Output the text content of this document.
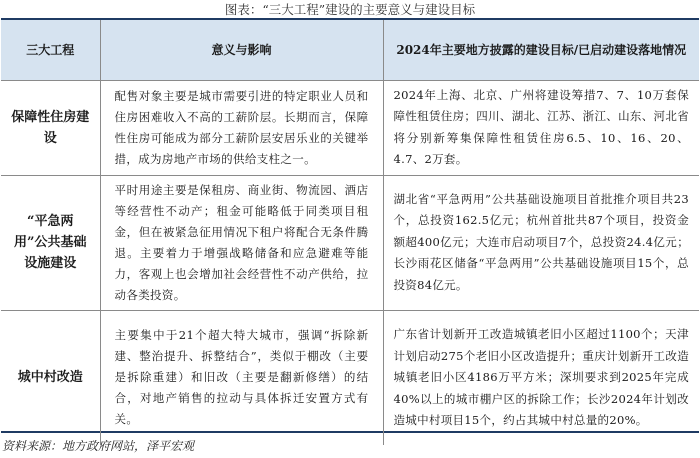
图表：“三大工程”建设的主要意义与建设目标
三大工程	意义与影响	2024年主要地方披露的建设目标/已启动建设落地情况
保障性住房建设	配售对象主要是城市需要引进的特定职业人员和住房困难收入不高的工薪阶层。长期而言，保障性住房可能成为部分工薪阶层安居乐业的关键举措，成为房地产市场的供给支柱之一。	2024年上海、北京、广州将建设筹措7、7、10万套保障性租赁住房；四川、湖北、江苏、浙江、山东、河北省将分别新筹集保障性租赁住房6.5、10、16、20、4.7、2万套。
“平急两用”公共基础设施建设	平时用途主要是保租房、商业街、物流园、酒店等经营性不动产；租金可能略低于同类项目租金，但在被紧急征用情况下租户将配合无条件腾退。主要着力于增强战略储备和应急避难等能力，客观上也会增加社会经营性不动产供给，拉动各类投资。	湖北省“平急两用”公共基础设施项目首批推介项目共23个，总投资162.5亿元；杭州首批共87个项目，投资金额超400亿元；大连市启动项目7个，总投资24.4亿元；长沙雨花区储备“平急两用”公共基础设施项目15个，总投资84亿元。
城中村改造	主要集中于21个超大特大城市，强调“拆除新建、整治提升、拆整结合”，类似于棚改（主要是拆除重建）和旧改（主要是翻新修缮）的结合，对地产销售的拉动与具体拆迁安置方式有关。	广东省计划新开工改造城镇老旧小区超过1100个；天津计划启动275个老旧小区改造提升；重庆计划新开工改造城镇老旧小区4186万平方米；深圳要求到2025年完成40%以上的城市棚户区的拆除工作；长沙2024年计划改造城中村项目15个，约占其城中村总量的20%。
资料来源：地方政府网站，泽平宏观
